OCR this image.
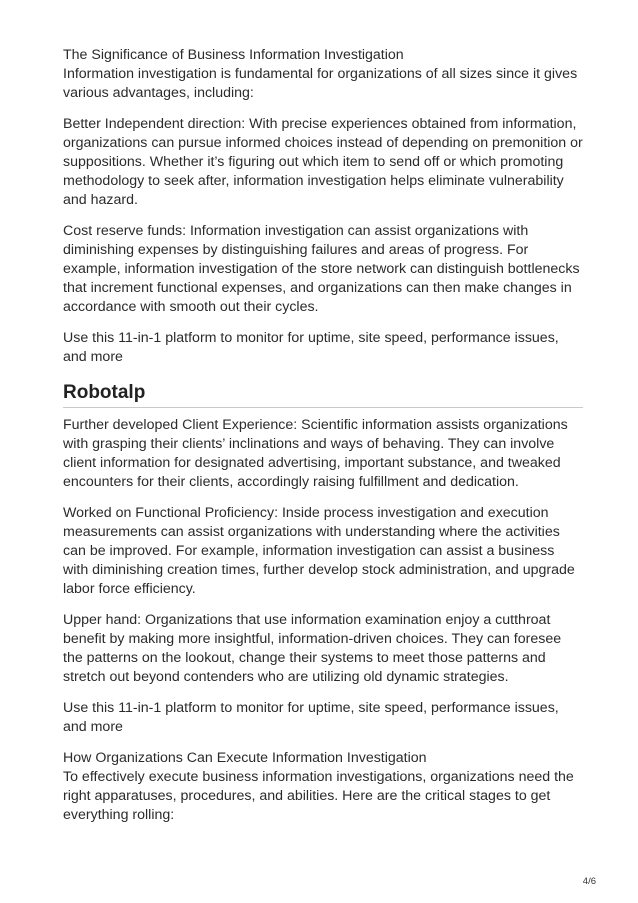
The Significance of Business Information Investigation

Information investigation is fundamental for organizations of all sizes since it gives various advantages, including:

Better Independent direction: With precise experiences obtained from information, organizations can pursue informed choices instead of depending on premonition or suppositions. Whether it’s figuring out which item to send off or which promoting methodology to seek after, information investigation helps eliminate vulnerability and hazard.

Cost reserve funds: Information investigation can assist organizations with diminishing expenses by distinguishing failures and areas of progress. For example, information investigation of the store network can distinguish bottlenecks that increment functional expenses, and organizations can then make changes in accordance with smooth out their cycles.

Use this 11-in-1 platform to monitor for uptime, site speed, performance issues, and more

Robotalp

Further developed Client Experience: Scientific information assists organizations with grasping their clients’ inclinations and ways of behaving. They can involve client information for designated advertising, important substance, and tweaked encounters for their clients, accordingly raising fulfillment and dedication.

Worked on Functional Proficiency: Inside process investigation and execution measurements can assist organizations with understanding where the activities can be improved. For example, information investigation can assist a business with diminishing creation times, further develop stock administration, and upgrade labor force efficiency.

Upper hand: Organizations that use information examination enjoy a cutthroat benefit by making more insightful, information-driven choices. They can foresee the patterns on the lookout, change their systems to meet those patterns and stretch out beyond contenders who are utilizing old dynamic strategies.

Use this 11-in-1 platform to monitor for uptime, site speed, performance issues, and more

How Organizations Can Execute Information Investigation

To effectively execute business information investigations, organizations need the right apparatuses, procedures, and abilities. Here are the critical stages to get everything rolling:

4/6
